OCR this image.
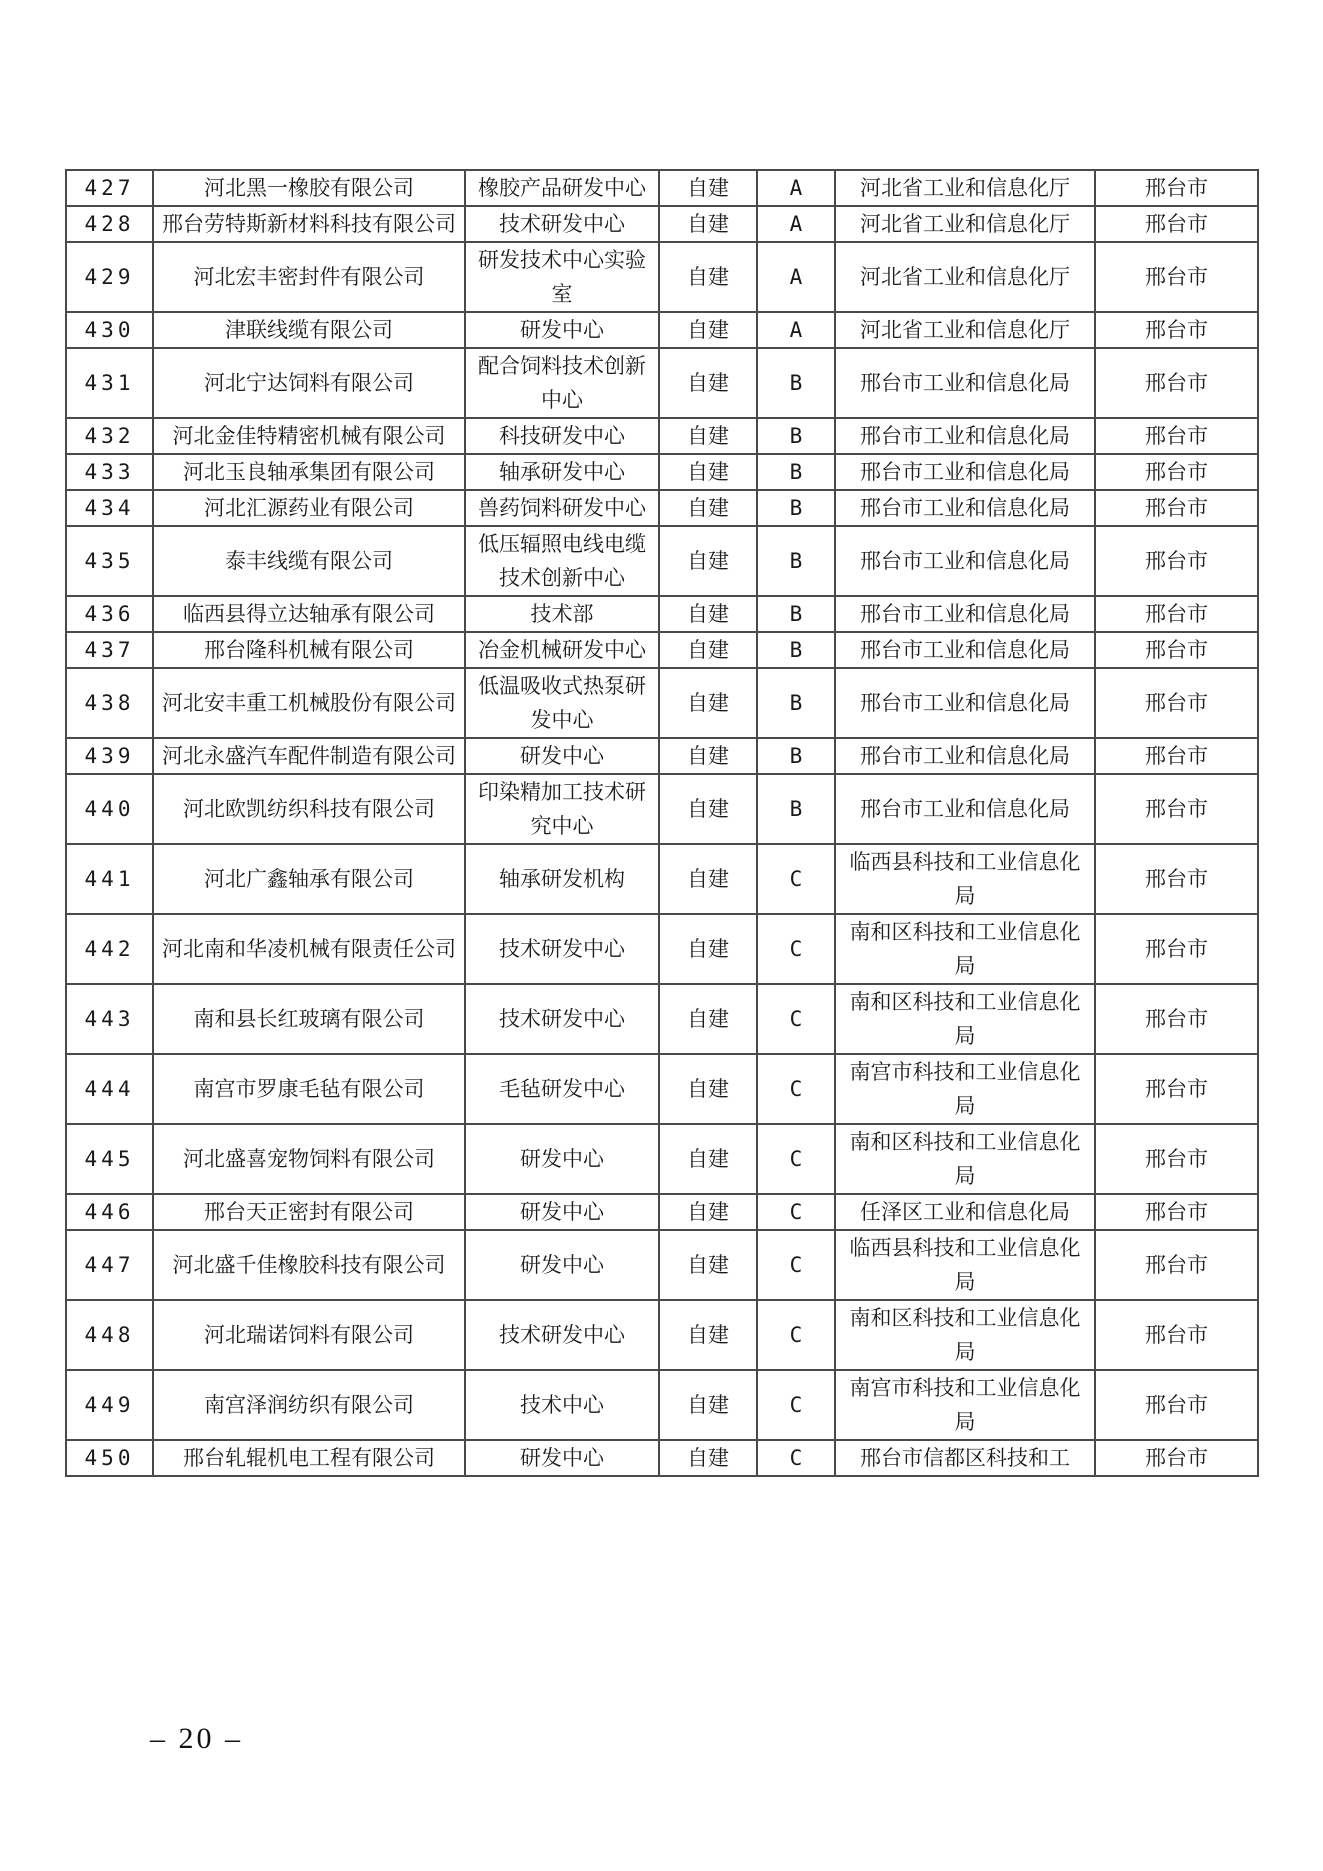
427	河北黑一橡胶有限公司	橡胶产品研发中心	自建	A	河北省工业和信息化厅	邢台市
428	邢台劳特斯新材料科技有限公司	技术研发中心	自建	A	河北省工业和信息化厅	邢台市
429	河北宏丰密封件有限公司	研发技术中心实验室	自建	A	河北省工业和信息化厅	邢台市
430	津联线缆有限公司	研发中心	自建	A	河北省工业和信息化厅	邢台市
431	河北宁达饲料有限公司	配合饲料技术创新中心	自建	B	邢台市工业和信息化局	邢台市
432	河北金佳特精密机械有限公司	科技研发中心	自建	B	邢台市工业和信息化局	邢台市
433	河北玉良轴承集团有限公司	轴承研发中心	自建	B	邢台市工业和信息化局	邢台市
434	河北汇源药业有限公司	兽药饲料研发中心	自建	B	邢台市工业和信息化局	邢台市
435	泰丰线缆有限公司	低压辐照电线电缆技术创新中心	自建	B	邢台市工业和信息化局	邢台市
436	临西县得立达轴承有限公司	技术部	自建	B	邢台市工业和信息化局	邢台市
437	邢台隆科机械有限公司	冶金机械研发中心	自建	B	邢台市工业和信息化局	邢台市
438	河北安丰重工机械股份有限公司	低温吸收式热泵研发中心	自建	B	邢台市工业和信息化局	邢台市
439	河北永盛汽车配件制造有限公司	研发中心	自建	B	邢台市工业和信息化局	邢台市
440	河北欧凯纺织科技有限公司	印染精加工技术研究中心	自建	B	邢台市工业和信息化局	邢台市
441	河北广鑫轴承有限公司	轴承研发机构	自建	C	临西县科技和工业信息化局	邢台市
442	河北南和华凌机械有限责任公司	技术研发中心	自建	C	南和区科技和工业信息化局	邢台市
443	南和县长红玻璃有限公司	技术研发中心	自建	C	南和区科技和工业信息化局	邢台市
444	南宫市罗康毛毡有限公司	毛毡研发中心	自建	C	南宫市科技和工业信息化局	邢台市
445	河北盛喜宠物饲料有限公司	研发中心	自建	C	南和区科技和工业信息化局	邢台市
446	邢台天正密封有限公司	研发中心	自建	C	任泽区工业和信息化局	邢台市
447	河北盛千佳橡胶科技有限公司	研发中心	自建	C	临西县科技和工业信息化局	邢台市
448	河北瑞诺饲料有限公司	技术研发中心	自建	C	南和区科技和工业信息化局	邢台市
449	南宫泽润纺织有限公司	技术中心	自建	C	南宫市科技和工业信息化局	邢台市
450	邢台轧辊机电工程有限公司	研发中心	自建	C	邢台市信都区科技和工	邢台市
– 20 –
